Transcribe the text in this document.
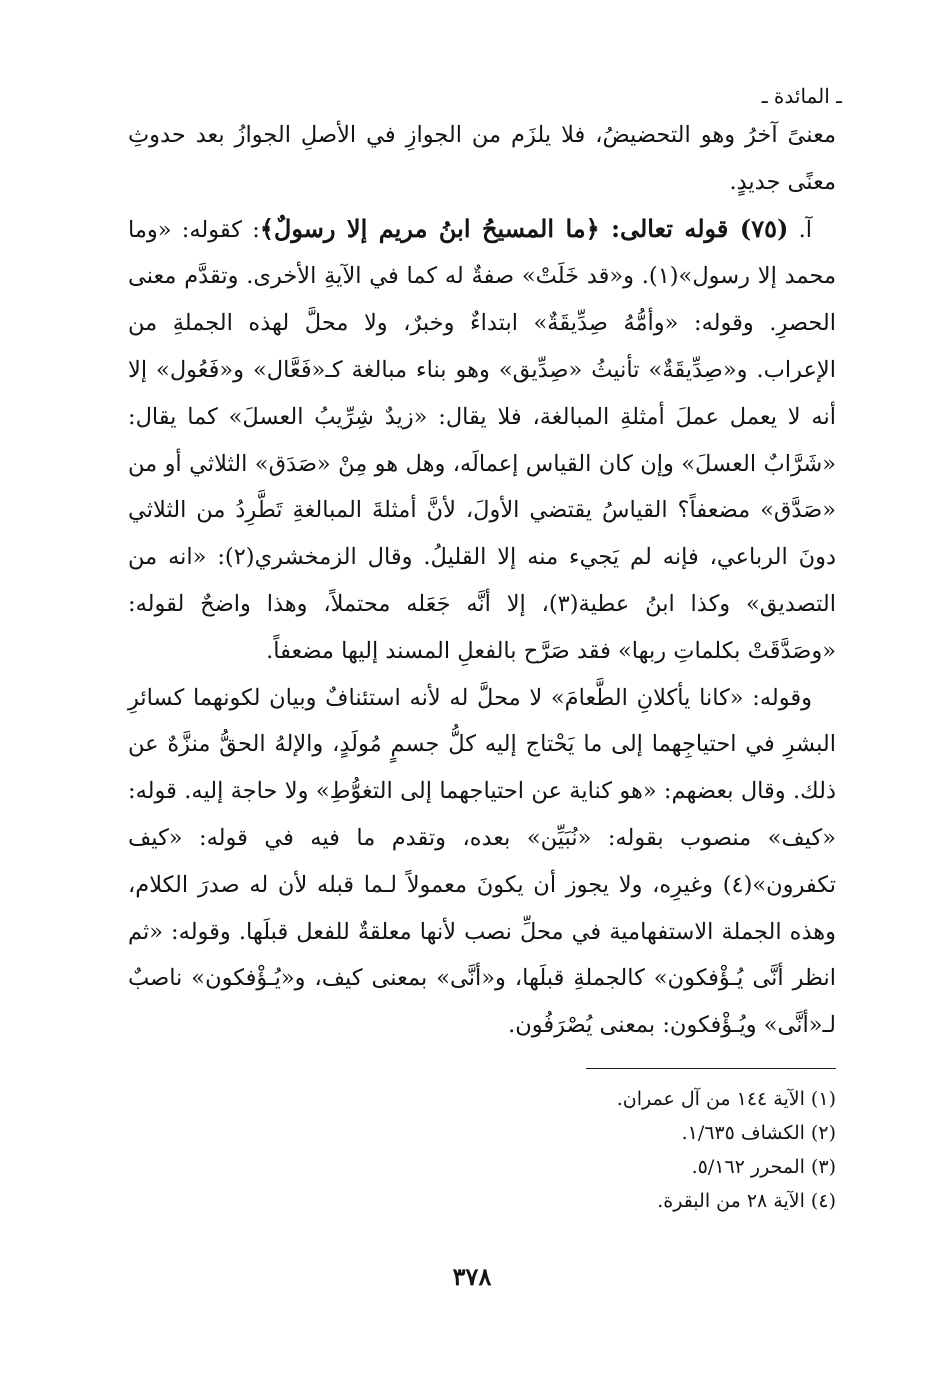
ـ المائدة ـ

معنىً آخرُ وهو التحضيضُ، فلا يلزَم من الجوازِ في الأصلِ الجوازُ بعد حدوثِ معنًى جديدٍ.

آ. (٧٥) قوله تعالى: ﴿ما المسيحُ ابنُ مريم إلا رسولٌ﴾: كقوله: «وما محمد إلا رسول»(١). و«قد خَلَتْ» صفةٌ له كما في الآيةِ الأخرى. وتقدَّم معنى الحصرِ. وقوله: «وأمُّهُ صِدِّيقَةٌ» ابتداءٌ وخبرٌ، ولا محلَّ لهذه الجملةِ من الإعراب. و«صِدِّيقَةٌ» تأنيثُ «صِدِّيق» وهو بناء مبالغة كـ«فَعَّال» و«فَعُول» إلا أنه لا يعمل عملَ أمثلةِ المبالغة، فلا يقال: «زيدٌ شِرِّيبُ العسلَ» كما يقال: «شَرَّابٌ العسلَ» وإن كان القياس إعمالَه، وهل هو مِنْ «صَدَق» الثلاثي أو من «صَدَّق» مضعفاً؟ القياسُ يقتضي الأولَ، لأنَّ أمثلةَ المبالغةِ تَطَّرِدُ من الثلاثي دونَ الرباعي، فإنه لم يَجيء منه إلا القليلُ. وقال الزمخشري(٢): «انه من التصديق» وكذا ابنُ عطية(٣)، إلا أنَّه جَعَله محتملاً، وهذا واضحٌ لقوله: «وصَدَّقَتْ بكلماتِ ربها» فقد صَرَّح بالفعلِ المسند إليها مضعفاً.

وقوله: «كانا يأكلانِ الطَّعامَ» لا محلَّ له لأنه استئنافٌ وبيان لكونهما كسائرِ البشرِ في احتياجِهما إلى ما يَحْتاج إليه كلُّ جسمٍ مُولَدٍ، والإلهُ الحقُّ منزَّهٌ عن ذلك. وقال بعضهم: «هو كناية عن احتياجهما إلى التغوُّطِ» ولا حاجة إليه. قوله: «كيف» منصوب بقوله: «نُبَيِّن» بعده، وتقدم ما فيه في قوله: «كيف تكفرون»(٤) وغيرِه، ولا يجوز أن يكونَ معمولاً لـما قبله لأن له صدرَ الكلام، وهذه الجملة الاستفهامية في محلِّ نصب لأنها معلقةٌ للفعل قبلَها. وقوله: «ثم انظر أنَّى يُـؤْفكون» كالجملةِ قبلَها، و«أنَّى» بمعنى كيف، و«يُـؤْفكون» ناصبٌ لـ«أنَّى» ويُـؤْفكون: بمعنى يُصْرَفُون.

(١) الآية ١٤٤ من آل عمران.
(٢) الكشاف ١/٦٣٥.
(٣) المحرر ٥/١٦٢.
(٤) الآية ٢٨ من البقرة.
٣٧٨
